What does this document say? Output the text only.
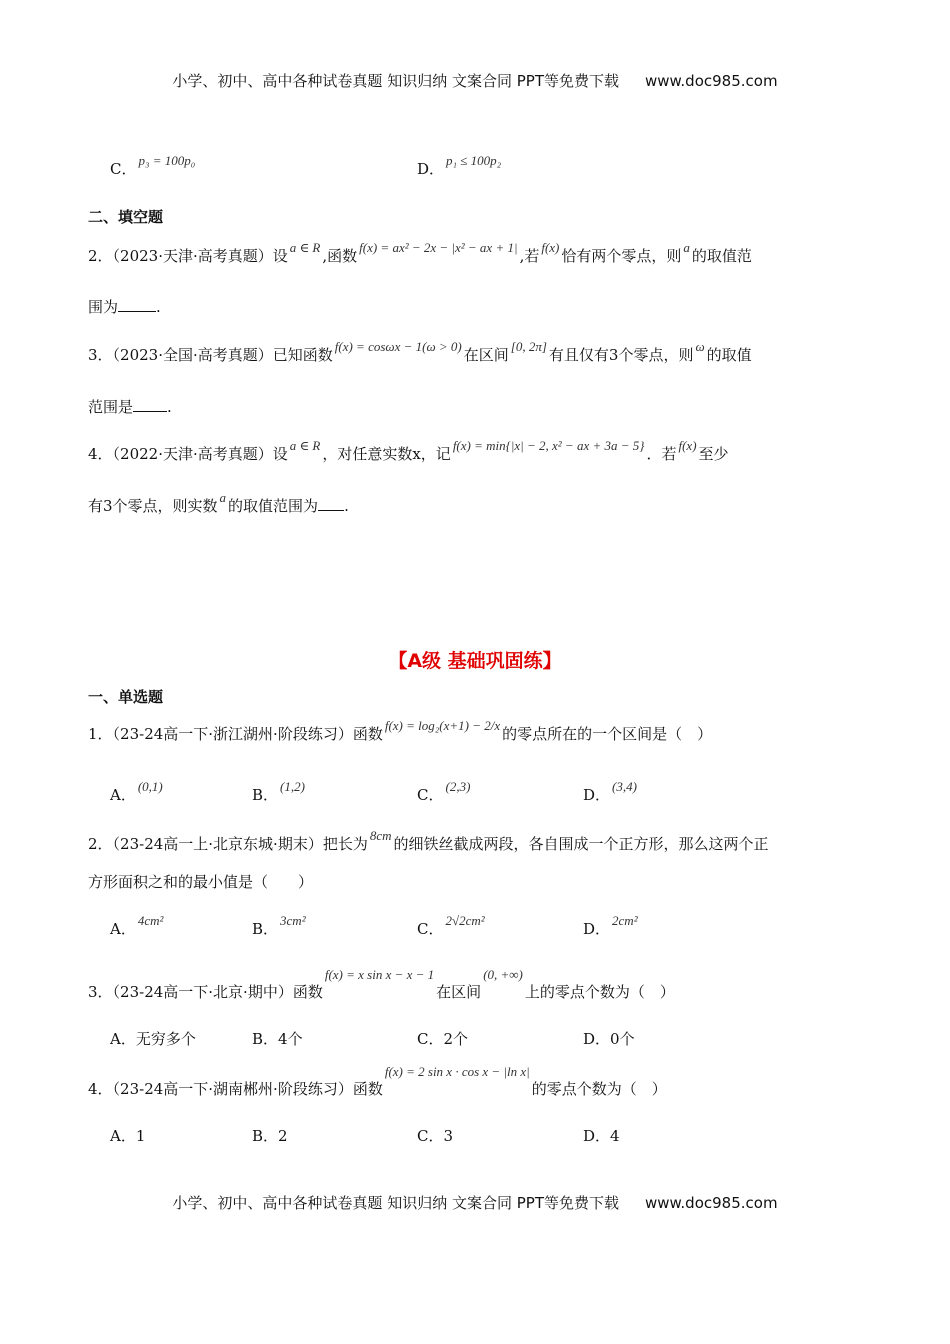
小学、初中、高中各种试卷真题 知识归纳 文案合同 PPT等免费下载 www.doc985.com
C． p₃ = 100p₀	D． p₁ ≤ 100p₂
二、填空题
2．（2023·天津·高考真题）设 a ∈ R ,函数 f(x) = ax² − 2x − |x² − ax + 1| ,若 f(x) 恰有两个零点，则 a 的取值范
围为	.
3．（2023·全国·高考真题）已知函数 f(x) = cosωx − 1(ω > 0) 在区间 [0, 2π] 有且仅有3个零点，则 ω 的取值
范围是 .
4．（2022·天津·高考真题）设 a ∈ R ，对任意实数x，记 f(x) = min{|x| − 2, x² − ax + 3a − 5} ．若 f(x) 至少
有3个零点，则实数 a 的取值范围为 .
【A级 基础巩固练】
一、单选题
1．（23-24高一下·浙江湖州·阶段练习）函数 f(x) = log₂(x+1) − 2/x 的零点所在的一个区间是（　）
A． (0,1)	B． (1,2)	C． (2,3)	D． (3,4)
2．（23-24高一上·北京东城·期末）把长为 8cm 的细铁丝截成两段，各自围成一个正方形，那么这两个正
方形面积之和的最小值是（　　）
A． 4cm²	B． 3cm²	C． 2√2cm²	D． 2cm²
3．（23-24高一下·北京·期中）函数f(x) = x sin x − x − 1在区间(0, +∞)上的零点个数为（　）
A．无穷多个	B．4个	C．2个	D．0个
4．（23-24高一下·湖南郴州·阶段练习）函数f(x) = 2 sin x · cos x − |ln x|的零点个数为（　）
A．1	B．2	C．3	D．4
小学、初中、高中各种试卷真题 知识归纳 文案合同 PPT等免费下载 www.doc985.com
